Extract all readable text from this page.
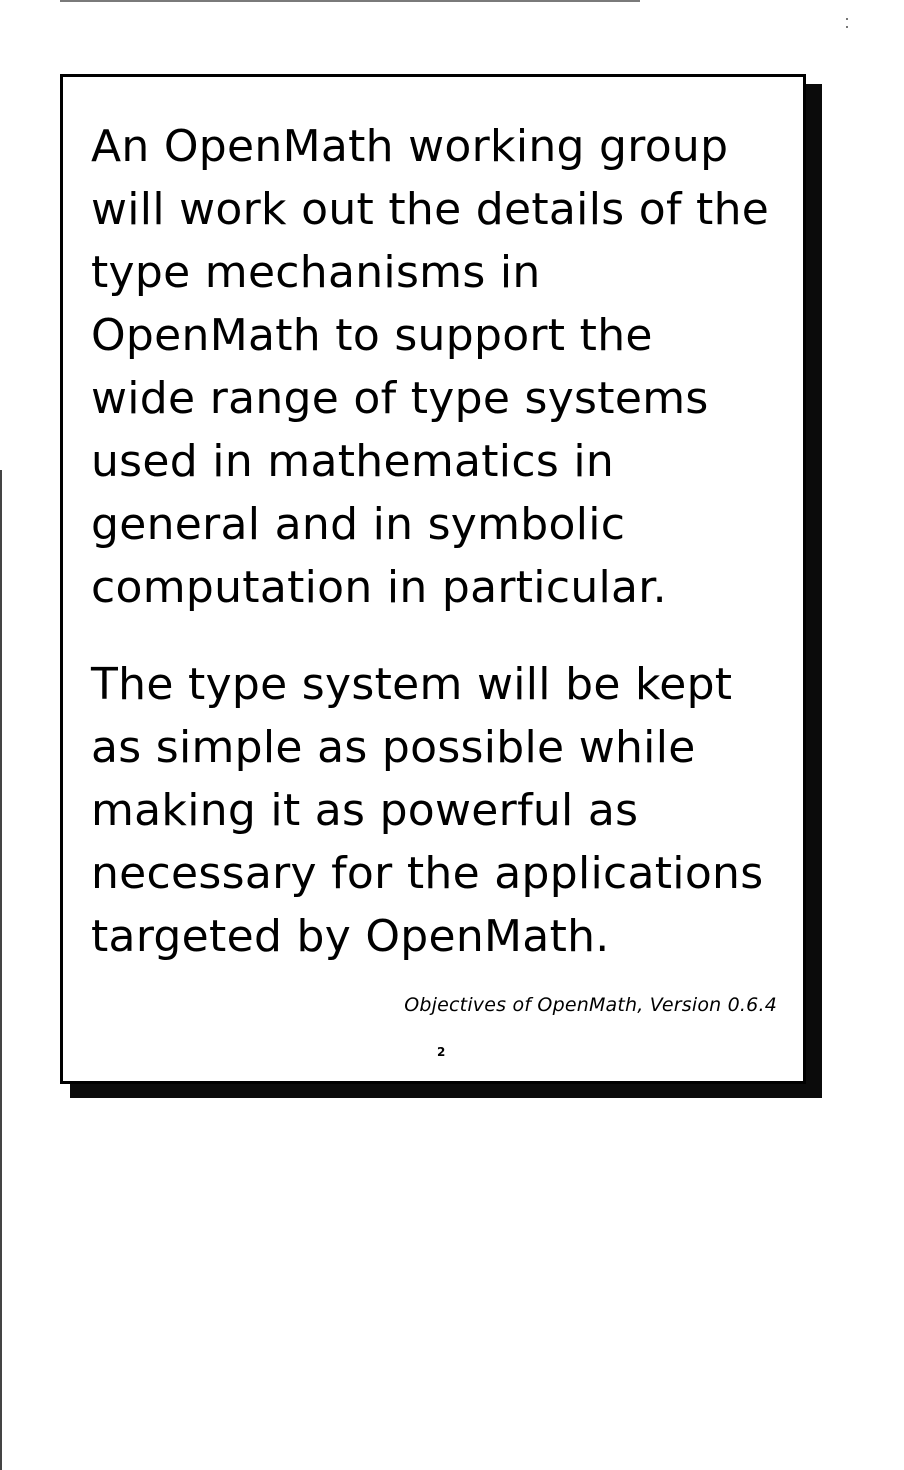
An OpenMath working group
will work out the details of the
type mechanisms in
OpenMath to support the
wide range of type systems
used in mathematics in
general and in symbolic
computation in particular.

The type system will be kept
as simple as possible while
making it as powerful as
necessary for the applications
targeted by OpenMath.

Objectives of OpenMath, Version 0.6.4
2
